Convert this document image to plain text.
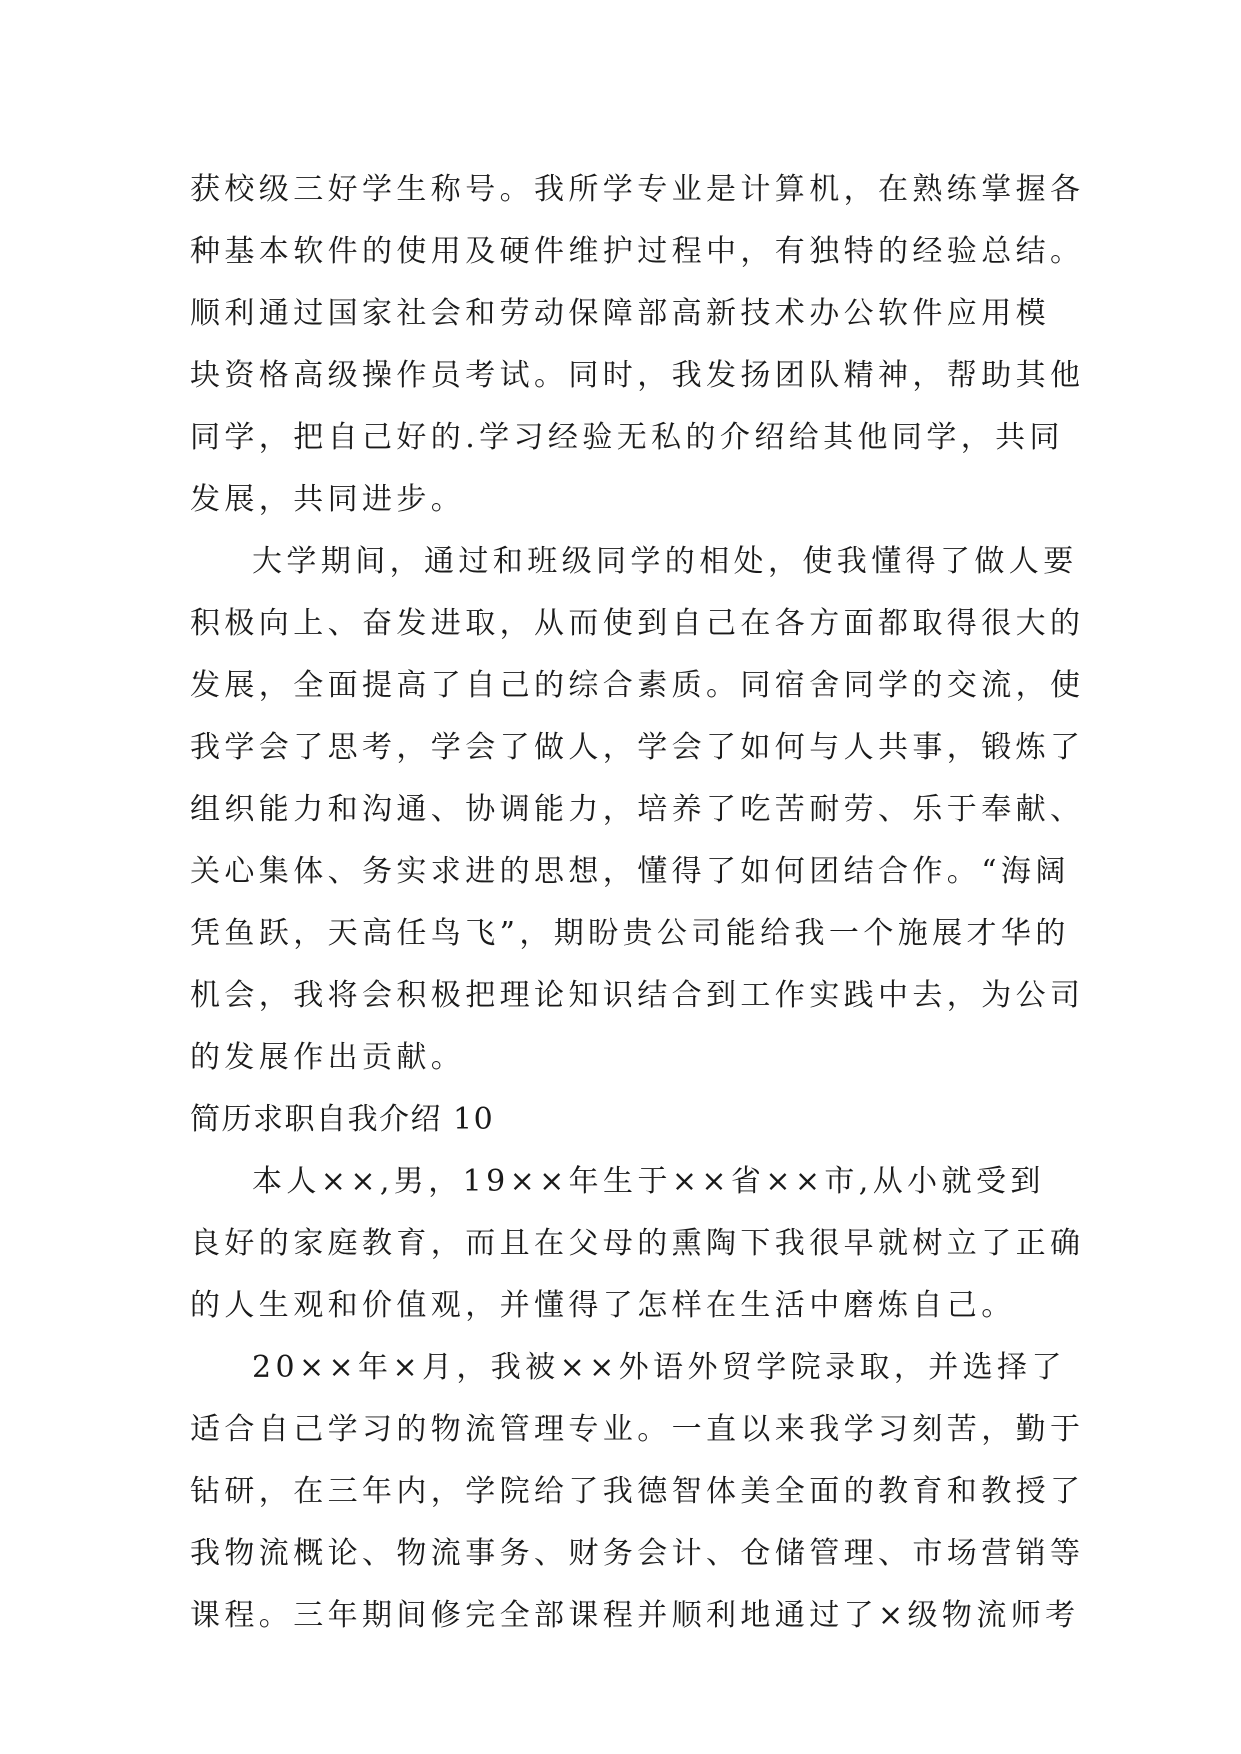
获校级三好学生称号。我所学专业是计算机，在熟练掌握各
种基本软件的使用及硬件维护过程中，有独特的经验总结。
顺利通过国家社会和劳动保障部高新技术办公软件应用模
块资格高级操作员考试。同时，我发扬团队精神，帮助其他
同学，把自己好的.学习经验无私的介绍给其他同学，共同
发展，共同进步。
大学期间，通过和班级同学的相处，使我懂得了做人要
积极向上、奋发进取，从而使到自己在各方面都取得很大的
发展，全面提高了自己的综合素质。同宿舍同学的交流，使
我学会了思考，学会了做人，学会了如何与人共事，锻炼了
组织能力和沟通、协调能力，培养了吃苦耐劳、乐于奉献、
关心集体、务实求进的思想，懂得了如何团结合作。“海阔
凭鱼跃，天高任鸟飞”，期盼贵公司能给我一个施展才华的
机会，我将会积极把理论知识结合到工作实践中去，为公司
的发展作出贡献。
简历求职自我介绍 10
本人××,男，19××年生于××省××市,从小就受到
良好的家庭教育，而且在父母的熏陶下我很早就树立了正确
的人生观和价值观，并懂得了怎样在生活中磨炼自己。
20××年×月，我被××外语外贸学院录取，并选择了
适合自己学习的物流管理专业。一直以来我学习刻苦，勤于
钻研，在三年内，学院给了我德智体美全面的教育和教授了
我物流概论、物流事务、财务会计、仓储管理、市场营销等
课程。三年期间修完全部课程并顺利地通过了×级物流师考
